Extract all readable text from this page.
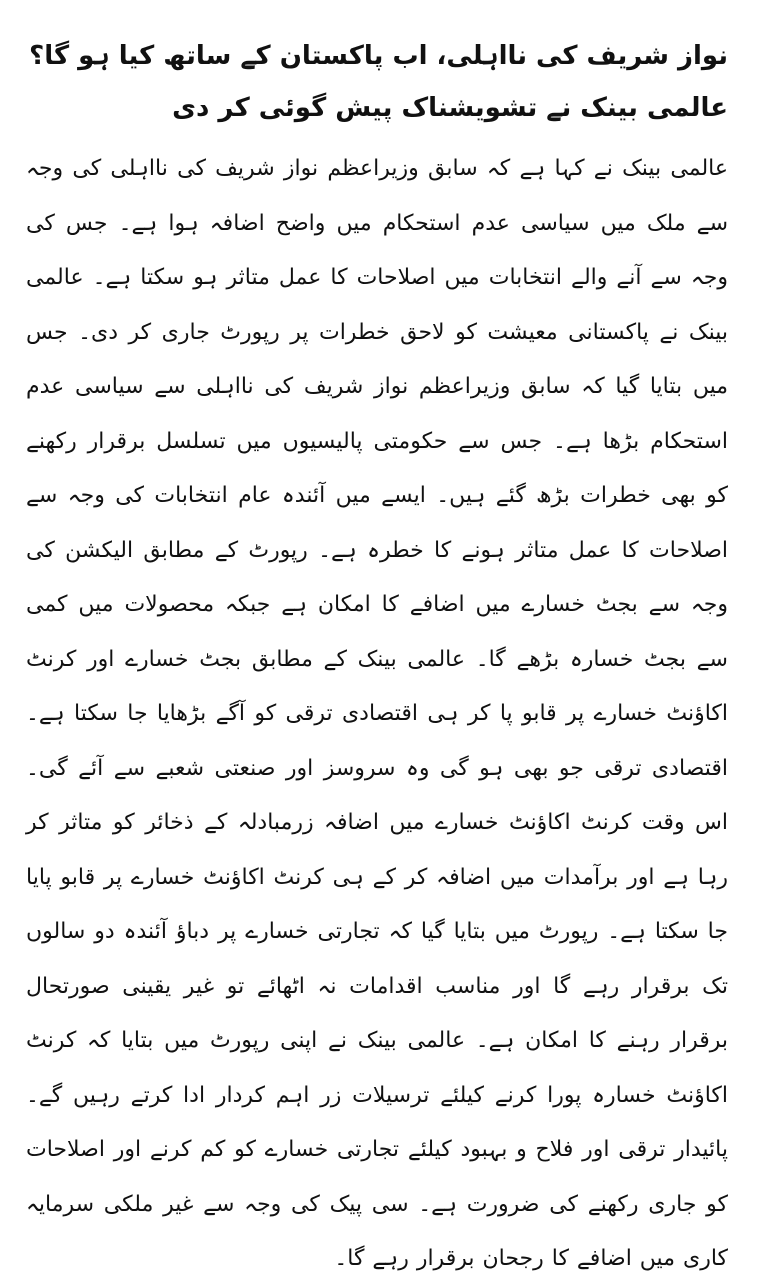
نواز شریف کی نااہلی، اب پاکستان کے ساتھ کیا ہو گا؟ عالمی بینک نے تشویشناک پیش گوئی کر دی

عالمی بینک نے کہا ہے کہ سابق وزیراعظم نواز شریف کی نااہلی کی وجہ سے ملک میں سیاسی عدم استحکام میں واضح اضافہ ہوا ہے۔ جس کی وجہ سے آنے والے انتخابات میں اصلاحات کا عمل متاثر ہو سکتا ہے۔ عالمی بینک نے پاکستانی معیشت کو لاحق خطرات پر رپورٹ جاری کر دی۔ جس میں بتایا گیا کہ سابق وزیراعظم نواز شریف کی نااہلی سے سیاسی عدم استحکام بڑھا ہے۔ جس سے حکومتی پالیسیوں میں تسلسل برقرار رکھنے کو بھی خطرات بڑھ گئے ہیں۔ ایسے میں آئندہ عام انتخابات کی وجہ سے اصلاحات کا عمل متاثر ہونے کا خطرہ ہے۔ رپورٹ کے مطابق الیکشن کی وجہ سے بجٹ خسارے میں اضافے کا امکان ہے جبکہ محصولات میں کمی سے بجٹ خسارہ بڑھے گا۔ عالمی بینک کے مطابق بجٹ خسارے اور کرنٹ اکاؤنٹ خسارے پر قابو پا کر ہی اقتصادی ترقی کو آگے بڑھایا جا سکتا ہے۔ اقتصادی ترقی جو بھی ہو گی وہ سروسز اور صنعتی شعبے سے آئے گی۔ اس وقت کرنٹ اکاؤنٹ خسارے میں اضافہ زرمبادلہ کے ذخائر کو متاثر کر رہا ہے اور برآمدات میں اضافہ کر کے ہی کرنٹ اکاؤنٹ خسارے پر قابو پایا جا سکتا ہے۔ رپورٹ میں بتایا گیا کہ تجارتی خسارے پر دباؤ آئندہ دو سالوں تک برقرار رہے گا اور مناسب اقدامات نہ اٹھائے تو غیر یقینی صورتحال برقرار رہنے کا امکان ہے۔ عالمی بینک نے اپنی رپورٹ میں بتایا کہ کرنٹ اکاؤنٹ خسارہ پورا کرنے کیلئے ترسیلات زر اہم کردار ادا کرتے رہیں گے۔ پائیدار ترقی اور فلاح و بہبود کیلئے تجارتی خسارے کو کم کرنے اور اصلاحات کو جاری رکھنے کی ضرورت ہے۔ سی پیک کی وجہ سے غیر ملکی سرمایہ کاری میں اضافے کا رجحان برقرار رہے گا۔
